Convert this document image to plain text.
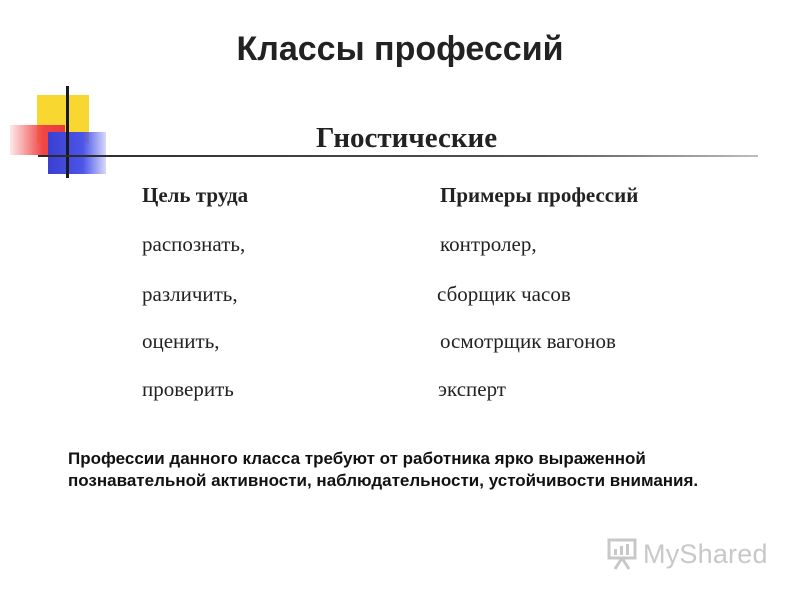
Классы профессий
Гностические
Цель труда	Примеры профессий
распознать,	контролер,
различить,	сборщик часов
оценить,	осмотрщик вагонов
проверить	эксперт
Профессии данного класса требуют от работника ярко выраженной познавательной активности, наблюдательности, устойчивости внимания.
MyShared
